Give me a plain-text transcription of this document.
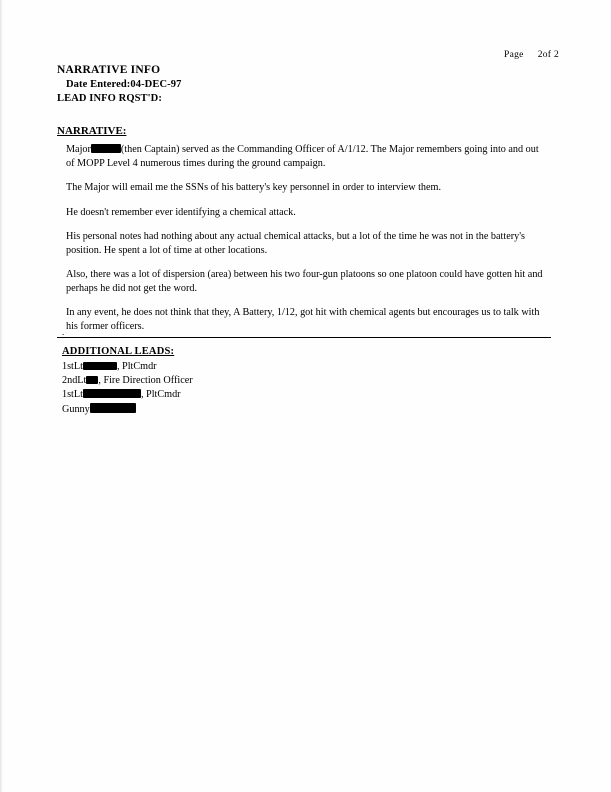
Page 2of 2
NARRATIVE INFO
Date Entered:04-DEC-97
LEAD INFO RQST'D:
NARRATIVE:
Major	(then Captain) served as the Commanding Officer of A/1/12. The Major remembers going into and out of MOPP Level 4 numerous times during the ground campaign.
The Major will email me the SSNs of his battery's key personnel in order to interview them.
He doesn't remember ever identifying a chemical attack.
His personal notes had nothing about any actual chemical attacks, but a lot of the time he was not in the battery's position. He spent a lot of time at other locations.
Also, there was a lot of dispersion (area) between his two four-gun platoons so one platoon could have gotten hit and perhaps he did not get the word.
In any event, he does not think that they, A Battery, 1/12, got hit with chemical agents but encourages us to talk with his former officers.
.
ADDITIONAL LEADS:
1stLt	, PltCmdr
2ndLt , Fire Direction Officer
1stLt	, PltCmdr
Gunny
